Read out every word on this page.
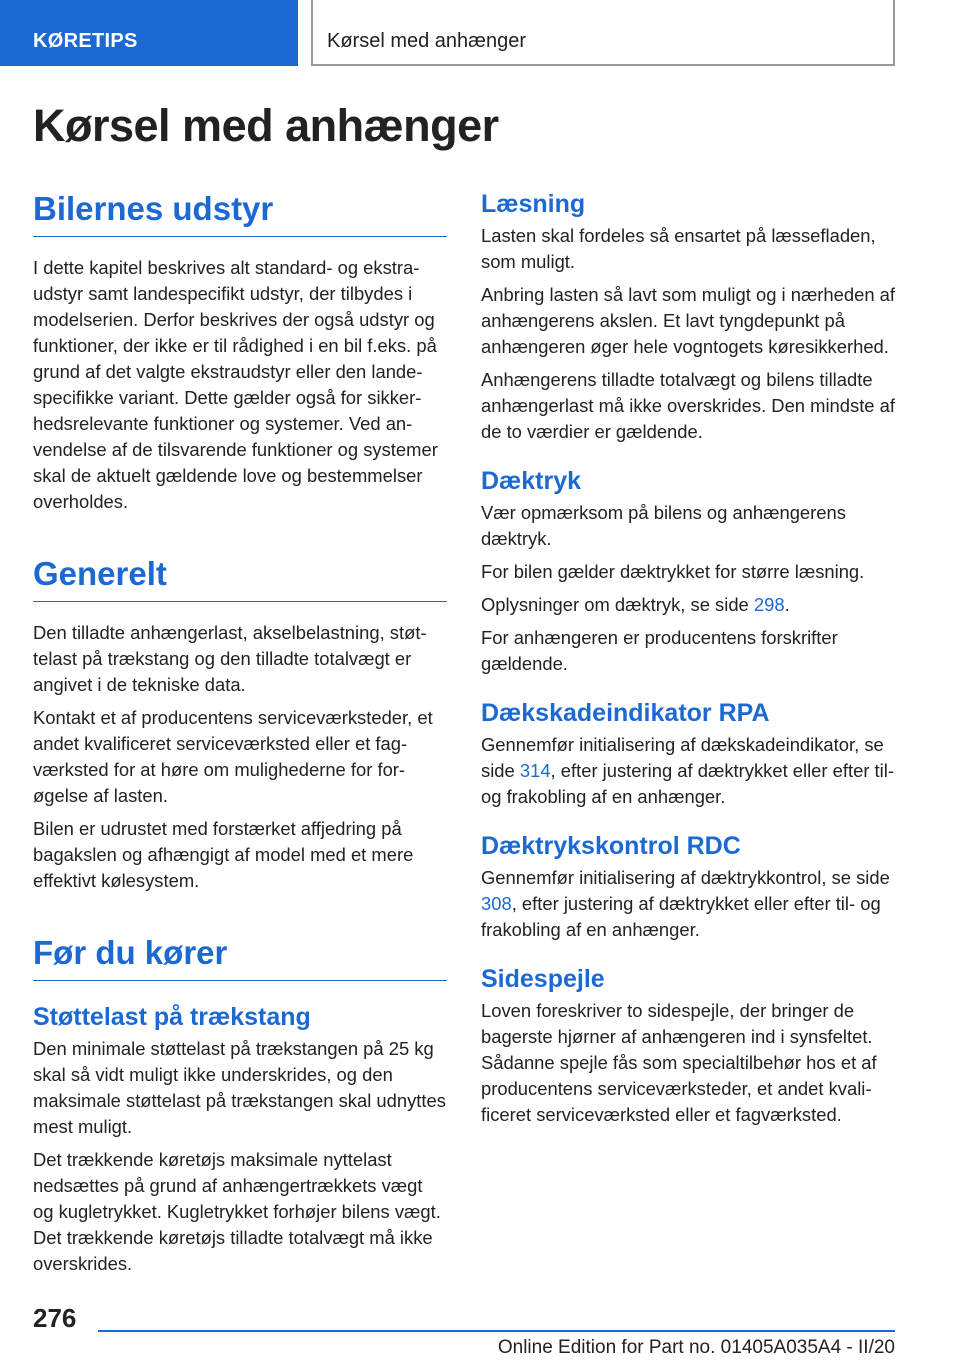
KØRETIPS	Kørsel med anhænger
Kørsel med anhænger
Bilernes udstyr

I dette kapitel beskrives alt standard- og ekstraudstyr samt landespecifikt udstyr, der tilbydes i modelserien. Derfor beskrives der også udstyr og funktioner, der ikke er til rådighed i en bil f.eks. på grund af det valgte ekstraudstyr eller den landespecifikke variant. Dette gælder også for sikkerhedsrelevante funktioner og systemer. Ved anvendelse af de tilsvarende funktioner og systemer skal de aktuelt gældende love og bestemmelser overholdes.

Generelt

Den tilladte anhængerlast, akselbelastning, støttelast på trækstang og den tilladte totalvægt er angivet i de tekniske data.

Kontakt et af producentens serviceværksteder, et andet kvalificeret serviceværksted eller et fagværksted for at høre om mulighederne for forøgelse af lasten.

Bilen er udrustet med forstærket affjedring på bagakslen og afhængigt af model med et mere effektivt kølesystem.

Før du kører
Støttelast på trækstang

Den minimale støttelast på trækstangen på 25 kg skal så vidt muligt ikke underskrides, og den maksimale støttelast på trækstangen skal udnyttes mest muligt.

Det trækkende køretøjs maksimale nyttelast nedsættes på grund af anhængertrækkets vægt og kugletrykket. Kugletrykket forhøjer bilens vægt. Det trækkende køretøjs tilladte totalvægt må ikke overskrides.

Læsning

Lasten skal fordeles så ensartet på læssefladen, som muligt.

Anbring lasten så lavt som muligt og i nærheden af anhængerens akslen. Et lavt tyngdepunkt på anhængeren øger hele vogntogets køresikkerhed.

Anhængerens tilladte totalvægt og bilens tilladte anhængerlast må ikke overskrides. Den mindste af de to værdier er gældende.

Dæktryk

Vær opmærksom på bilens og anhængerens dæktryk.

For bilen gælder dæktrykket for større læsning.

Oplysninger om dæktryk, se side 298.

For anhængeren er producentens forskrifter gældende.

Dækskadeindikator RPA

Gennemfør initialisering af dækskadeindikator, se side 314, efter justering af dæktrykket eller efter til- og frakobling af en anhænger.

Dæktrykskontrol RDC

Gennemfør initialisering af dæktrykkontrol, se side 308, efter justering af dæktrykket eller efter til- og frakobling af en anhænger.

Sidespejle

Loven foreskriver to sidespejle, der bringer de bagerste hjørner af anhængeren ind i synsfeltet. Sådanne spejle fås som specialtilbehør hos et af producentens serviceværksteder, et andet kvalificeret serviceværksted eller et fagværksted.

276
Online Edition for Part no. 01405A035A4 - II/20
